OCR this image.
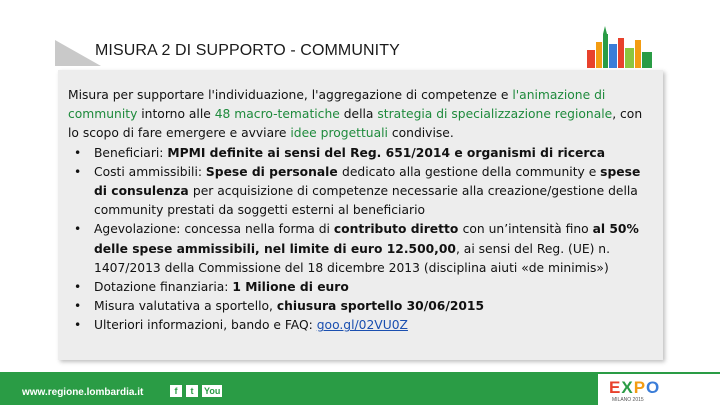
MISURA 2 DI SUPPORTO - COMMUNITY
Misura per supportare l'individuazione, l'aggregazione di competenze e l'animazione di community intorno alle 48 macro-tematiche della strategia di specializzazione regionale, con lo scopo di fare emergere e avviare idee progettuali condivise.
• Beneficiari: MPMI definite ai sensi del Reg. 651/2014 e organismi di ricerca
• Costi ammissibili: Spese di personale dedicato alla gestione della community e spese di consulenza per acquisizione di competenze necessarie alla creazione/gestione della community prestati da soggetti esterni al beneficiario
• Agevolazione: concessa nella forma di contributo diretto con un’intensità fino al 50% delle spese ammissibili, nel limite di euro 12.500,00, ai sensi del Reg. (UE) n. 1407/2013 della Commissione del 18 dicembre 2013 (disciplina aiuti «de minimis»)
• Dotazione finanziaria: 1 Milione di euro
• Misura valutativa a sportello, chiusura sportello 30/06/2015
• Ulteriori informazioni, bando e FAQ: goo.gl/02VU0Z
www.regione.lombardia.it	f	t	You	EXPO
MILANO 2015
